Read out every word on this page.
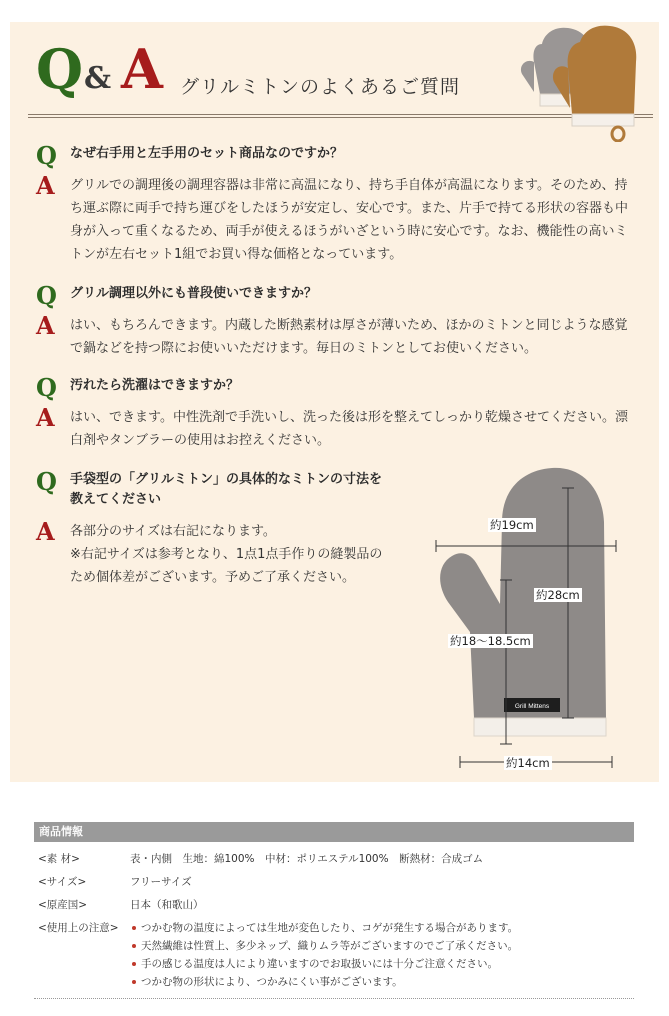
Q & A グリルミトンのよくあるご質問
Q なぜ右手用と左手用のセット商品なのですか？

A グリルでの調理後の調理容器は非常に高温になり、持ち手自体が高温になります。そのため、持ち運ぶ際に両手で持ち運びをしたほうが安定し、安心です。また、片手で持てる形状の容器も中身が入って重くなるため、両手が使えるほうがいざという時に安心です。なお、機能性の高いミトンが左右セット1組でお買い得な価格となっています。

Q グリル調理以外にも普段使いできますか？

A はい、もちろんできます。内蔵した断熱素材は厚さが薄いため、ほかのミトンと同じような感覚で鍋などを持つ際にお使いいただけます。毎日のミトンとしてお使いください。

Q 汚れたら洗濯はできますか？

A はい、できます。中性洗剤で手洗いし、洗った後は形を整えてしっかり乾燥させてください。漂白剤やタンブラーの使用はお控えください。

Q 手袋型の「グリルミトン」の具体的なミトンの寸法を教えてください

A 各部分のサイズは右記になります。
※右記サイズは参考となり、1点1点手作りの縫製品のため個体差がございます。予めご了承ください。

Grill Mittens
約19cm
約28cm
約18〜18.5cm
約14cm
商品情報
<素 材>	表・内側　生地：綿100%　中材：ポリエステル100%　断熱材：合成ゴム
<サイズ>	フリーサイズ
<原産国>	日本（和歌山）
<使用上の注意>	つかむ物の温度によっては生地が変色したり、コゲが発生する場合があります。
天然繊維は性質上、多少ネップ、織りムラ等がございますのでご了承ください。
手の感じる温度は人により違いますのでお取扱いには十分ご注意ください。
つかむ物の形状により、つかみにくい事がございます。
